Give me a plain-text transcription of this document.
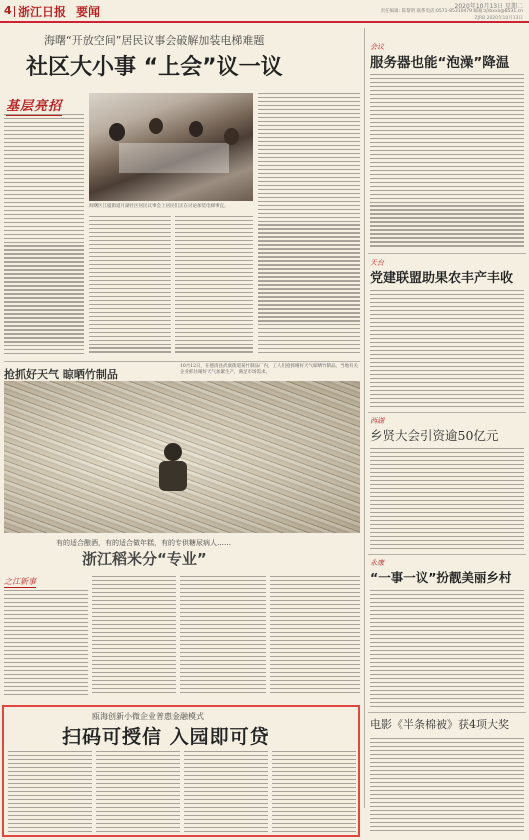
4 浙江日报 要闻	2020年10月13日 星期二
责任编辑: 陈黎明 联系电话:0571-85310479 邮箱:zjrbxxx@8531.cn
ZJRB 2020年10月13日
海曙“开放空间”居民议事会破解加装电梯难题
社区大小事 “上会”议一议
基层亮招
海曙区江厦街道月湖社区居民议事会上居民们正在讨论加装电梯事宜。
会议
服务器也能“泡澡”降温
天台
党建联盟助果农丰产丰收
西湖
乡贤大会引资逾50亿元
永康
“一事一议”扮靓美丽乡村
电影《半条棉被》获4项大奖
抢抓好天气 晾晒竹制品
10月12日，在德清县武康街道某竹制品厂内，工人们抢抓晴好天气晾晒竹制品。当地有关企业抓住晴好天气加紧生产，满足市场需求。
有的适合酿酒，有的适合做年糕，有的专供糖尿病人……
浙江稻米分“专业”
之江新事
瓯海创新小微企业普惠金融模式
扫码可授信 入园即可贷
